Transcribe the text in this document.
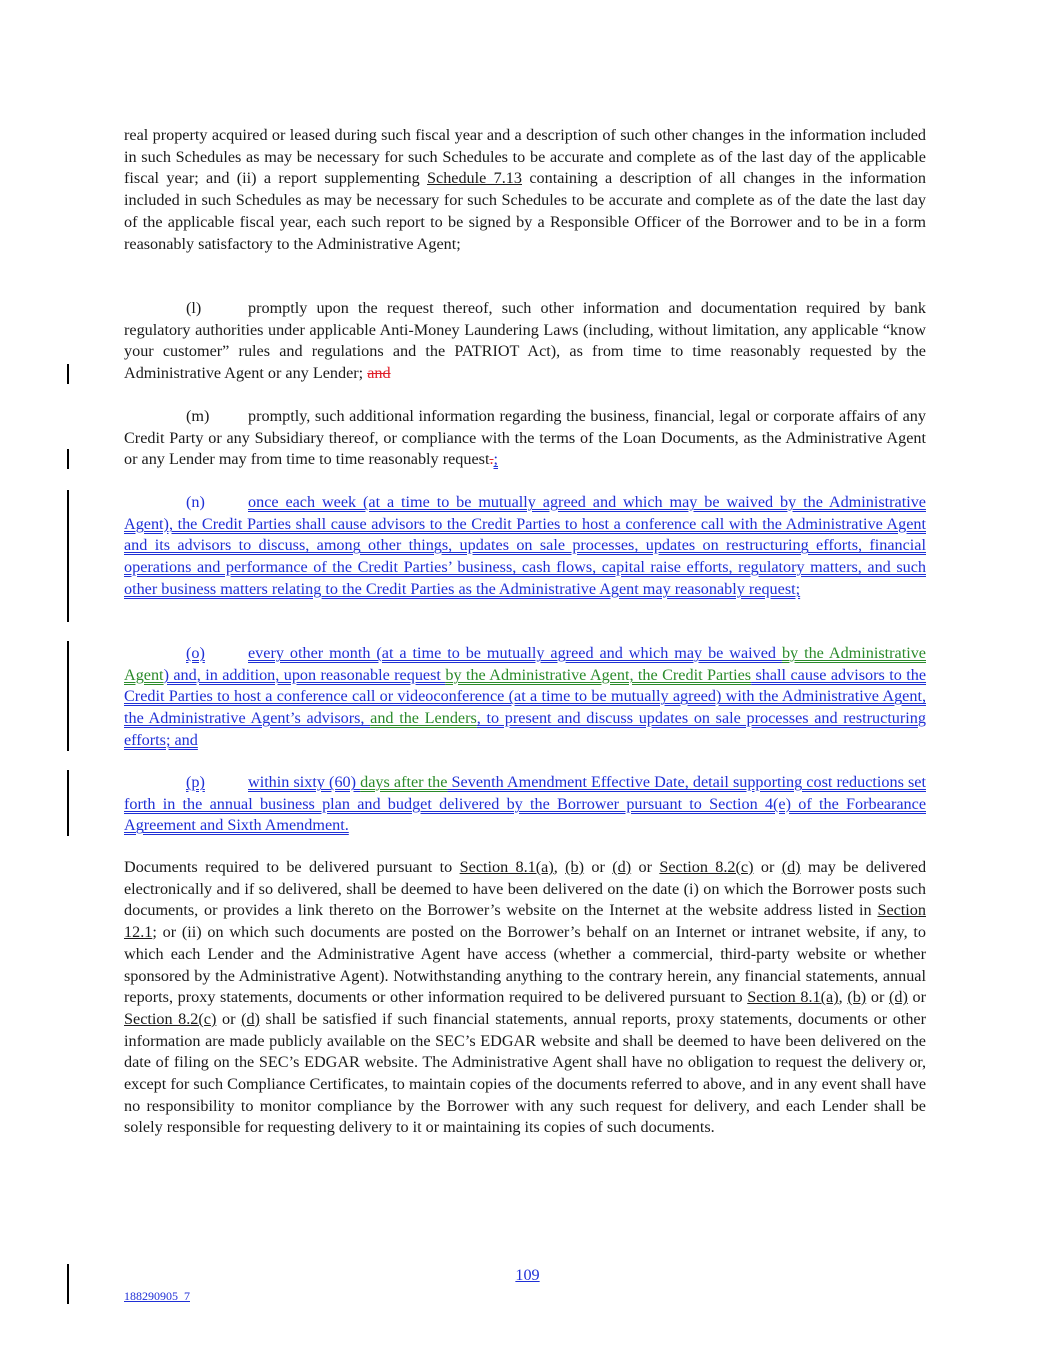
real property acquired or leased during such fiscal year and a description of such other changes in the information included in such Schedules as may be necessary for such Schedules to be accurate and complete as of the last day of the applicable fiscal year; and (ii) a report supplementing Schedule 7.13 containing a description of all changes in the information included in such Schedules as may be necessary for such Schedules to be accurate and complete as of the date the last day of the applicable fiscal year, each such report to be signed by a Responsible Officer of the Borrower and to be in a form reasonably satisfactory to the Administrative Agent;

(l)	promptly upon the request thereof, such other information and documentation required by bank regulatory authorities under applicable Anti-Money Laundering Laws (including, without limitation, any applicable “know your customer” rules and regulations and the PATRIOT Act), as from time to time reasonably requested by the Administrative Agent or any Lender; and

(m) promptly, such additional information regarding the business, financial, legal or corporate affairs of any Credit Party or any Subsidiary thereof, or compliance with the terms of the Loan Documents, as the Administrative Agent or any Lender may from time to time reasonably request.;

(n)	once each week (at a time to be mutually agreed and which may be waived by the Administrative Agent), the Credit Parties shall cause advisors to the Credit Parties to host a conference call with the Administrative Agent and its advisors to discuss, among other things, updates on sale processes, updates on restructuring efforts, financial operations and performance of the Credit Parties’ business, cash flows, capital raise efforts, regulatory matters, and such other business matters relating to the Credit Parties as the Administrative Agent may reasonably request;

(o)	every other month (at a time to be mutually agreed and which may be waived by the Administrative Agent) and, in addition, upon reasonable request by the Administrative Agent, the Credit Parties shall cause advisors to the Credit Parties to host a conference call or videoconference (at a time to be mutually agreed) with the Administrative Agent, the Administrative Agent’s advisors, and the Lenders, to present and discuss updates on sale processes and restructuring efforts; and

(p)	within sixty (60) days after the Seventh Amendment Effective Date, detail supporting cost reductions set forth in the annual business plan and budget delivered by the Borrower pursuant to Section 4(e) of the Forbearance Agreement and Sixth Amendment.

Documents required to be delivered pursuant to Section 8.1(a), (b) or (d) or Section 8.2(c) or (d) may be delivered electronically and if so delivered, shall be deemed to have been delivered on the date (i) on which the Borrower posts such documents, or provides a link thereto on the Borrower’s website on the Internet at the website address listed in Section 12.1; or (ii) on which such documents are posted on the Borrower’s behalf on an Internet or intranet website, if any, to which each Lender and the Administrative Agent have access (whether a commercial, third-party website or whether sponsored by the Administrative Agent). Notwithstanding anything to the contrary herein, any financial statements, annual reports, proxy statements, documents or other information required to be delivered pursuant to Section 8.1(a), (b) or (d) or Section 8.2(c) or (d) shall be satisfied if such financial statements, annual reports, proxy statements, documents or other information are made publicly available on the SEC’s EDGAR website and shall be deemed to have been delivered on the date of filing on the SEC’s EDGAR website. The Administrative Agent shall have no obligation to request the delivery or, except for such Compliance Certificates, to maintain copies of the documents referred to above, and in any event shall have no responsibility to monitor compliance by the Borrower with any such request for delivery, and each Lender shall be solely responsible for requesting delivery to it or maintaining its copies of such documents.

109
188290905_7
